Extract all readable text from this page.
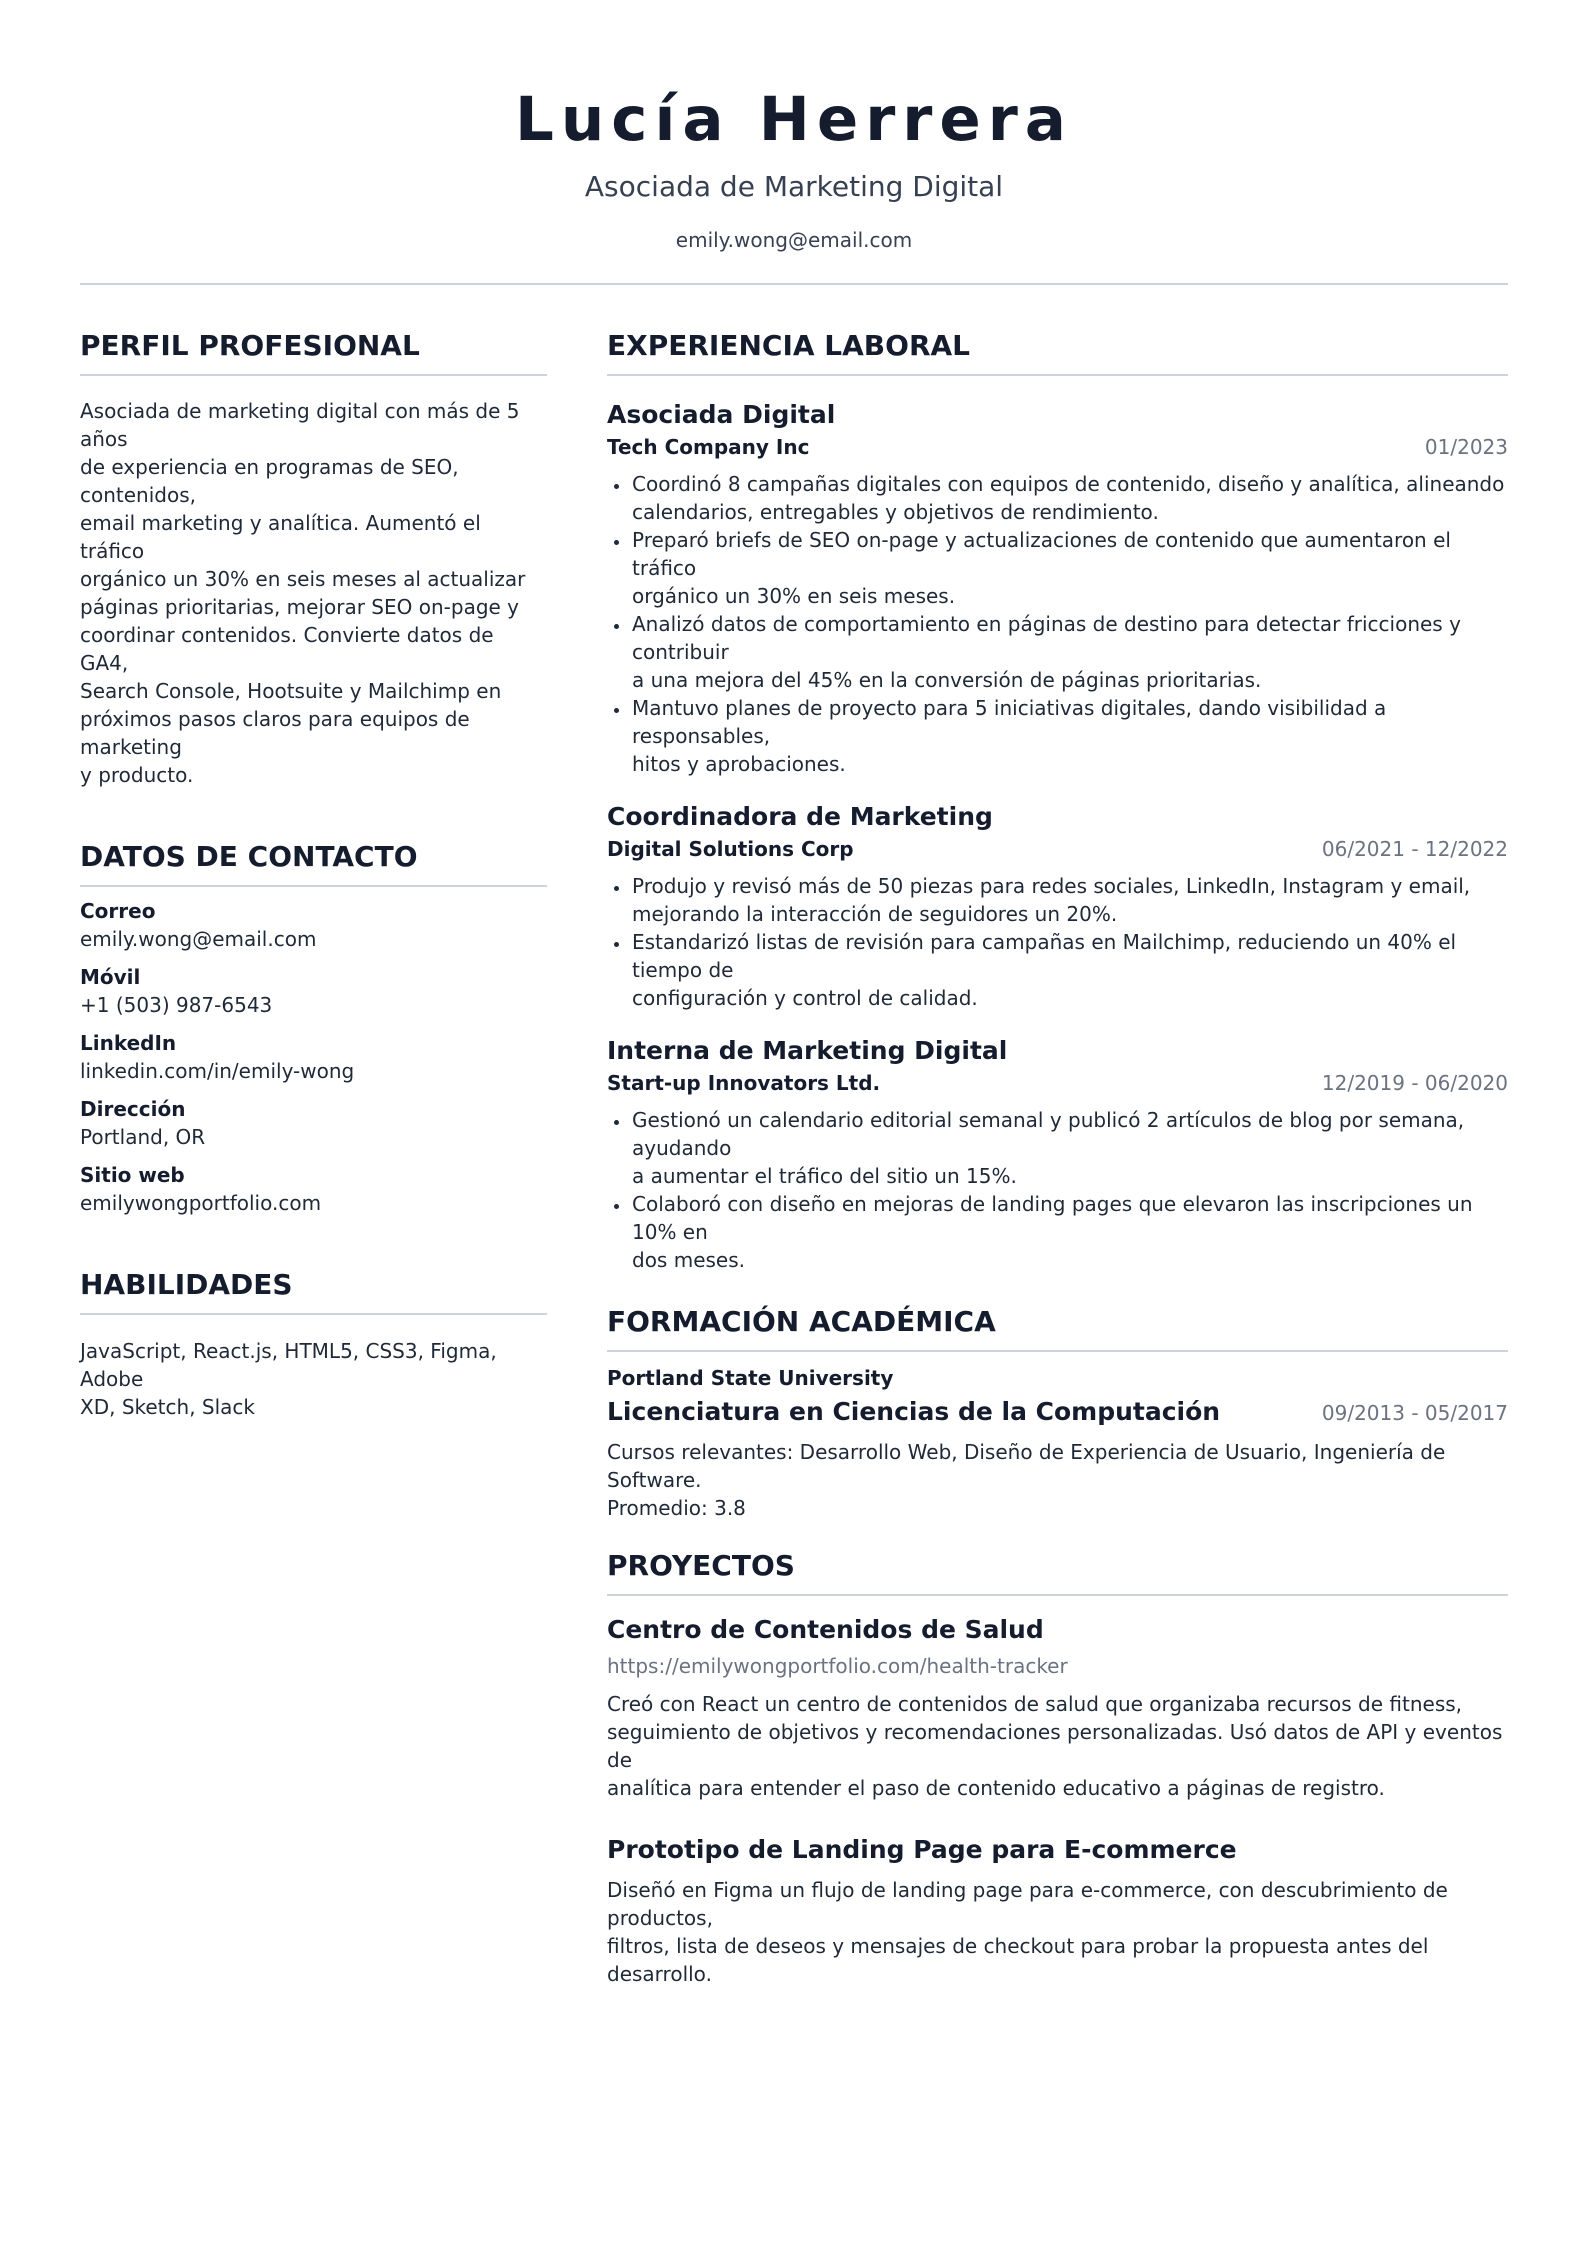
Lucía Herrera
Asociada de Marketing Digital
emily.wong@email.com
PERFIL PROFESIONAL
Asociada de marketing digital con más de 5 años
de experiencia en programas de SEO, contenidos,
email marketing y analítica. Aumentó el tráfico
orgánico un 30% en seis meses al actualizar
páginas prioritarias, mejorar SEO on-page y
coordinar contenidos. Convierte datos de GA4,
Search Console, Hootsuite y Mailchimp en
próximos pasos claros para equipos de marketing
y producto.
DATOS DE CONTACTO
Correo
emily.wong@email.com
Móvil
+1 (503) 987-6543
LinkedIn
linkedin.com/in/emily-wong
Dirección
Portland, OR
Sitio web
emilywongportfolio.com
HABILIDADES
JavaScript, React.js, HTML5, CSS3, Figma, Adobe
XD, Sketch, Slack
EXPERIENCIA LABORAL
Asociada Digital
Tech Company Inc	01/2023
Coordinó 8 campañas digitales con equipos de contenido, diseño y analítica, alineando
calendarios, entregables y objetivos de rendimiento.
Preparó briefs de SEO on-page y actualizaciones de contenido que aumentaron el tráfico
orgánico un 30% en seis meses.
Analizó datos de comportamiento en páginas de destino para detectar fricciones y contribuir
a una mejora del 45% en la conversión de páginas prioritarias.
Mantuvo planes de proyecto para 5 iniciativas digitales, dando visibilidad a responsables,
hitos y aprobaciones.
Coordinadora de Marketing
Digital Solutions Corp	06/2021 - 12/2022
Produjo y revisó más de 50 piezas para redes sociales, LinkedIn, Instagram y email,
mejorando la interacción de seguidores un 20%.
Estandarizó listas de revisión para campañas en Mailchimp, reduciendo un 40% el tiempo de
configuración y control de calidad.
Interna de Marketing Digital
Start-up Innovators Ltd.	12/2019 - 06/2020
Gestionó un calendario editorial semanal y publicó 2 artículos de blog por semana, ayudando
a aumentar el tráfico del sitio un 15%.
Colaboró con diseño en mejoras de landing pages que elevaron las inscripciones un 10% en
dos meses.
FORMACIÓN ACADÉMICA
Portland State University
Licenciatura en Ciencias de la Computación	09/2013 - 05/2017
Cursos relevantes: Desarrollo Web, Diseño de Experiencia de Usuario, Ingeniería de Software.
Promedio: 3.8
PROYECTOS
Centro de Contenidos de Salud
https://emilywongportfolio.com/health-tracker
Creó con React un centro de contenidos de salud que organizaba recursos de fitness,
seguimiento de objetivos y recomendaciones personalizadas. Usó datos de API y eventos de
analítica para entender el paso de contenido educativo a páginas de registro.
Prototipo de Landing Page para E-commerce
Diseñó en Figma un flujo de landing page para e-commerce, con descubrimiento de productos,
filtros, lista de deseos y mensajes de checkout para probar la propuesta antes del desarrollo.
